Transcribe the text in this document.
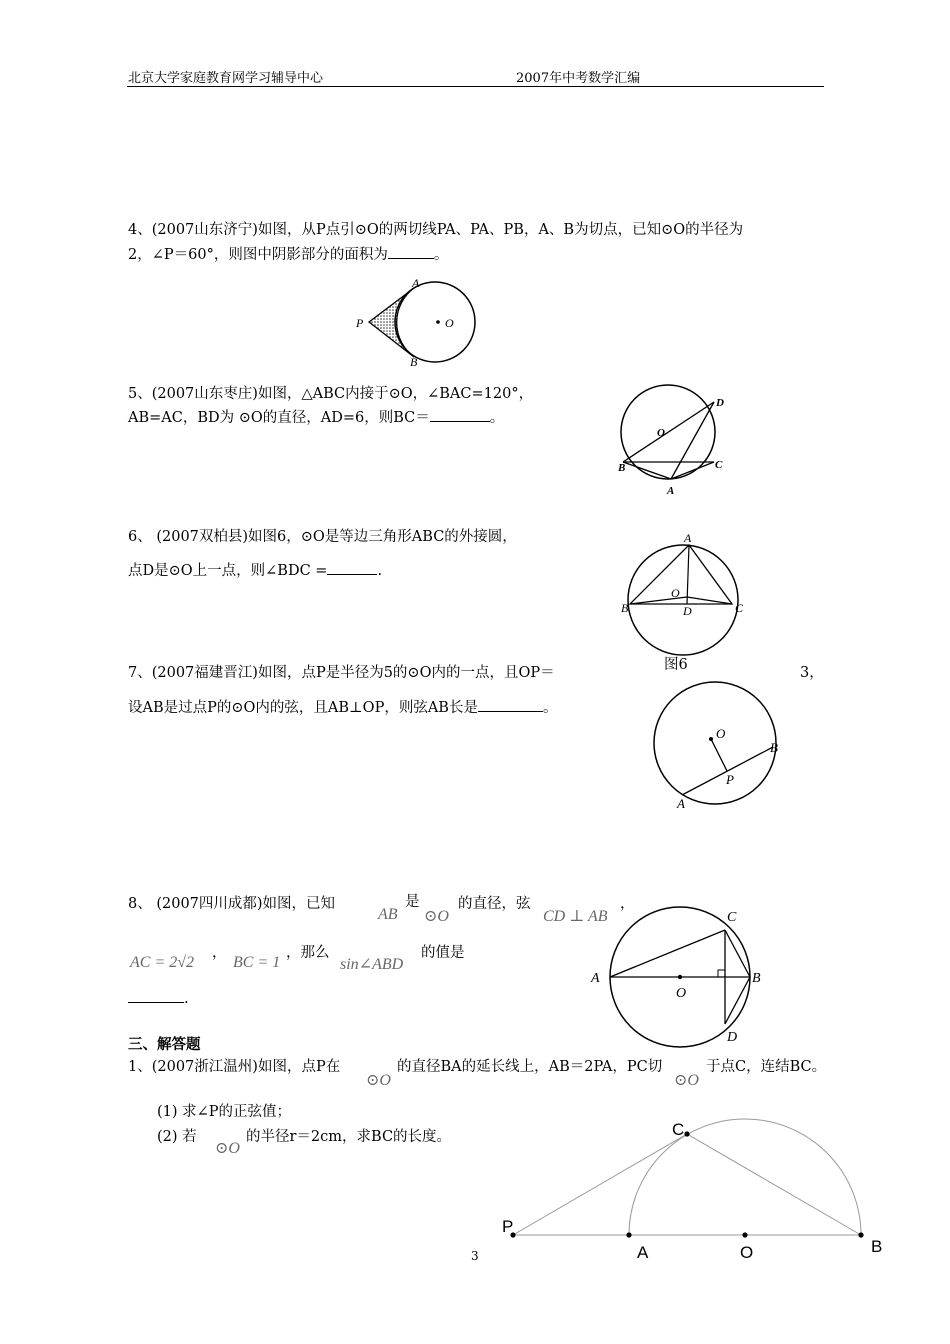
北京大学家庭教育网学习辅导中心	2007年中考数学汇编
4、(2007山东济宁)如图，从P点引⊙O的两切线PA、PA、PB，A、B为切点，已知⊙O的半径为
2，∠P＝60°，则图中阴影部分的面积为	。
A
B
P	O
5、(2007山东枣庄)如图，△ABC内接于⊙O，∠BAC=120°，
AB=AC，BD为 ⊙O的直径，AD=6，则BC＝	。
D
O
B	C
A
6、 (2007双柏县)如图6，⊙O是等边三角形ABC的外接圆，
点D是⊙O上一点，则∠BDC =	.
A
B	C
D
O
图6
7、(2007福建晋江)如图，点P是半径为5的⊙O内的一点，且OP＝	3，
设AB是过点P的⊙O内的弦，且AB⊥OP，则弦AB长是	。
O
P
B
A
8、 (2007四川成都)如图，已知
AB
是
⊙O
的直径，弦
CD ⊥ AB
，
AC = 2√2
，
BC = 1
，那么
sin∠ABD
的值是
.
C
A	B
O
D
三、解答题
1、(2007浙江温州)如图，点P在
⊙O
的直径BA的延长线上，AB＝2PA，PC切
⊙O
于点C，连结BC。
(1) 求∠P的正弦值；
(2) 若
⊙O
的半径r＝2cm，求BC的长度。	C
P
A	O	B
3
